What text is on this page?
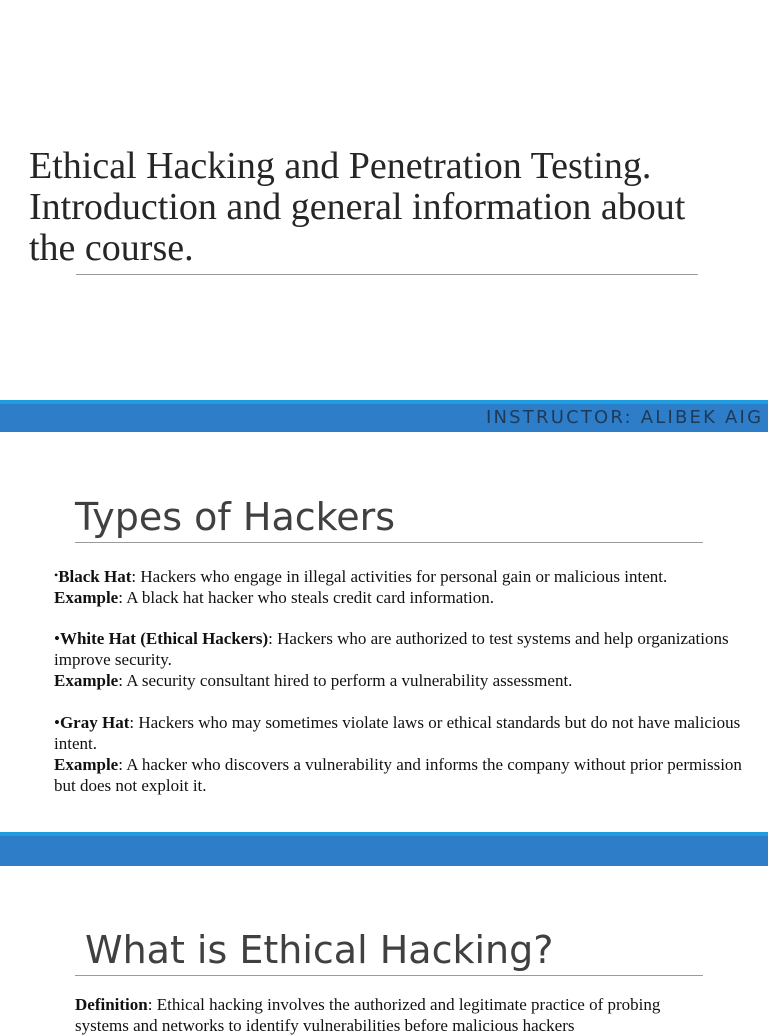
Ethical Hacking and Penetration Testing.
Introduction and general information about
the course.
INSTRUCTOR: ALIBEK AIG
Types of Hackers

•Black Hat: Hackers who engage in illegal activities for personal gain or malicious intent.

Example: A black hat hacker who steals credit card information.

•White Hat (Ethical Hackers): Hackers who are authorized to test systems and help organizations improve security.

Example: A security consultant hired to perform a vulnerability assessment.

•Gray Hat: Hackers who may sometimes violate laws or ethical standards but do not have malicious intent.

Example: A hacker who discovers a vulnerability and informs the company without prior permission but does not exploit it.

What is Ethical Hacking?

Definition: Ethical hacking involves the authorized and legitimate practice of probing systems and networks to identify vulnerabilities before malicious hackers
